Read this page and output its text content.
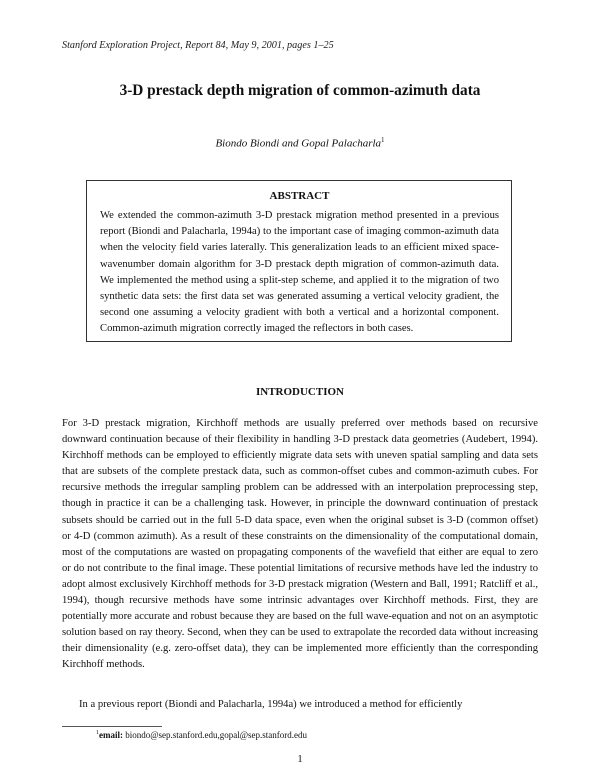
Stanford Exploration Project, Report 84, May 9, 2001, pages 1–25
3-D prestack depth migration of common-azimuth data
Biondo Biondi and Gopal Palacharla$^1$
ABSTRACT

We extended the common-azimuth 3-D prestack migration method presented in a previous report (Biondi and Palacharla, 1994a) to the important case of imaging common-azimuth data when the velocity field varies laterally. This generalization leads to an efficient mixed space-wavenumber domain algorithm for 3-D prestack depth migration of common-azimuth data. We implemented the method using a split-step scheme, and applied it to the migration of two synthetic data sets: the first data set was generated assuming a vertical velocity gradient, the second one assuming a velocity gradient with both a vertical and a horizontal component. Common-azimuth migration correctly imaged the reflectors in both cases.

INTRODUCTION

For 3-D prestack migration, Kirchhoff methods are usually preferred over methods based on recursive downward continuation because of their flexibility in handling 3-D prestack data geometries (Audebert, 1994). Kirchhoff methods can be employed to efficiently migrate data sets with uneven spatial sampling and data sets that are subsets of the complete prestack data, such as common-offset cubes and common-azimuth cubes. For recursive methods the irregular sampling problem can be addressed with an interpolation preprocessing step, though in practice it can be a challenging task. However, in principle the downward continuation of prestack subsets should be carried out in the full 5-D data space, even when the original subset is 3-D (common offset) or 4-D (common azimuth). As a result of these constraints on the dimensionality of the computational domain, most of the computations are wasted on propagating components of the wavefield that either are equal to zero or do not contribute to the final image. These potential limitations of recursive methods have led the industry to adopt almost exclusively Kirchhoff methods for 3-D prestack migration (Western and Ball, 1991; Ratcliff et al., 1994), though recursive methods have some intrinsic advantages over Kirchhoff methods. First, they are potentially more accurate and robust because they are based on the full wave-equation and not on an asymptotic solution based on ray theory. Second, when they can be used to extrapolate the recorded data without increasing their dimensionality (e.g. zero-offset data), they can be implemented more efficiently than the corresponding Kirchhoff methods.

In a previous report (Biondi and Palacharla, 1994a) we introduced a method for efficiently

$^1$email: biondo@sep.stanford.edu,gopal@sep.stanford.edu
1
